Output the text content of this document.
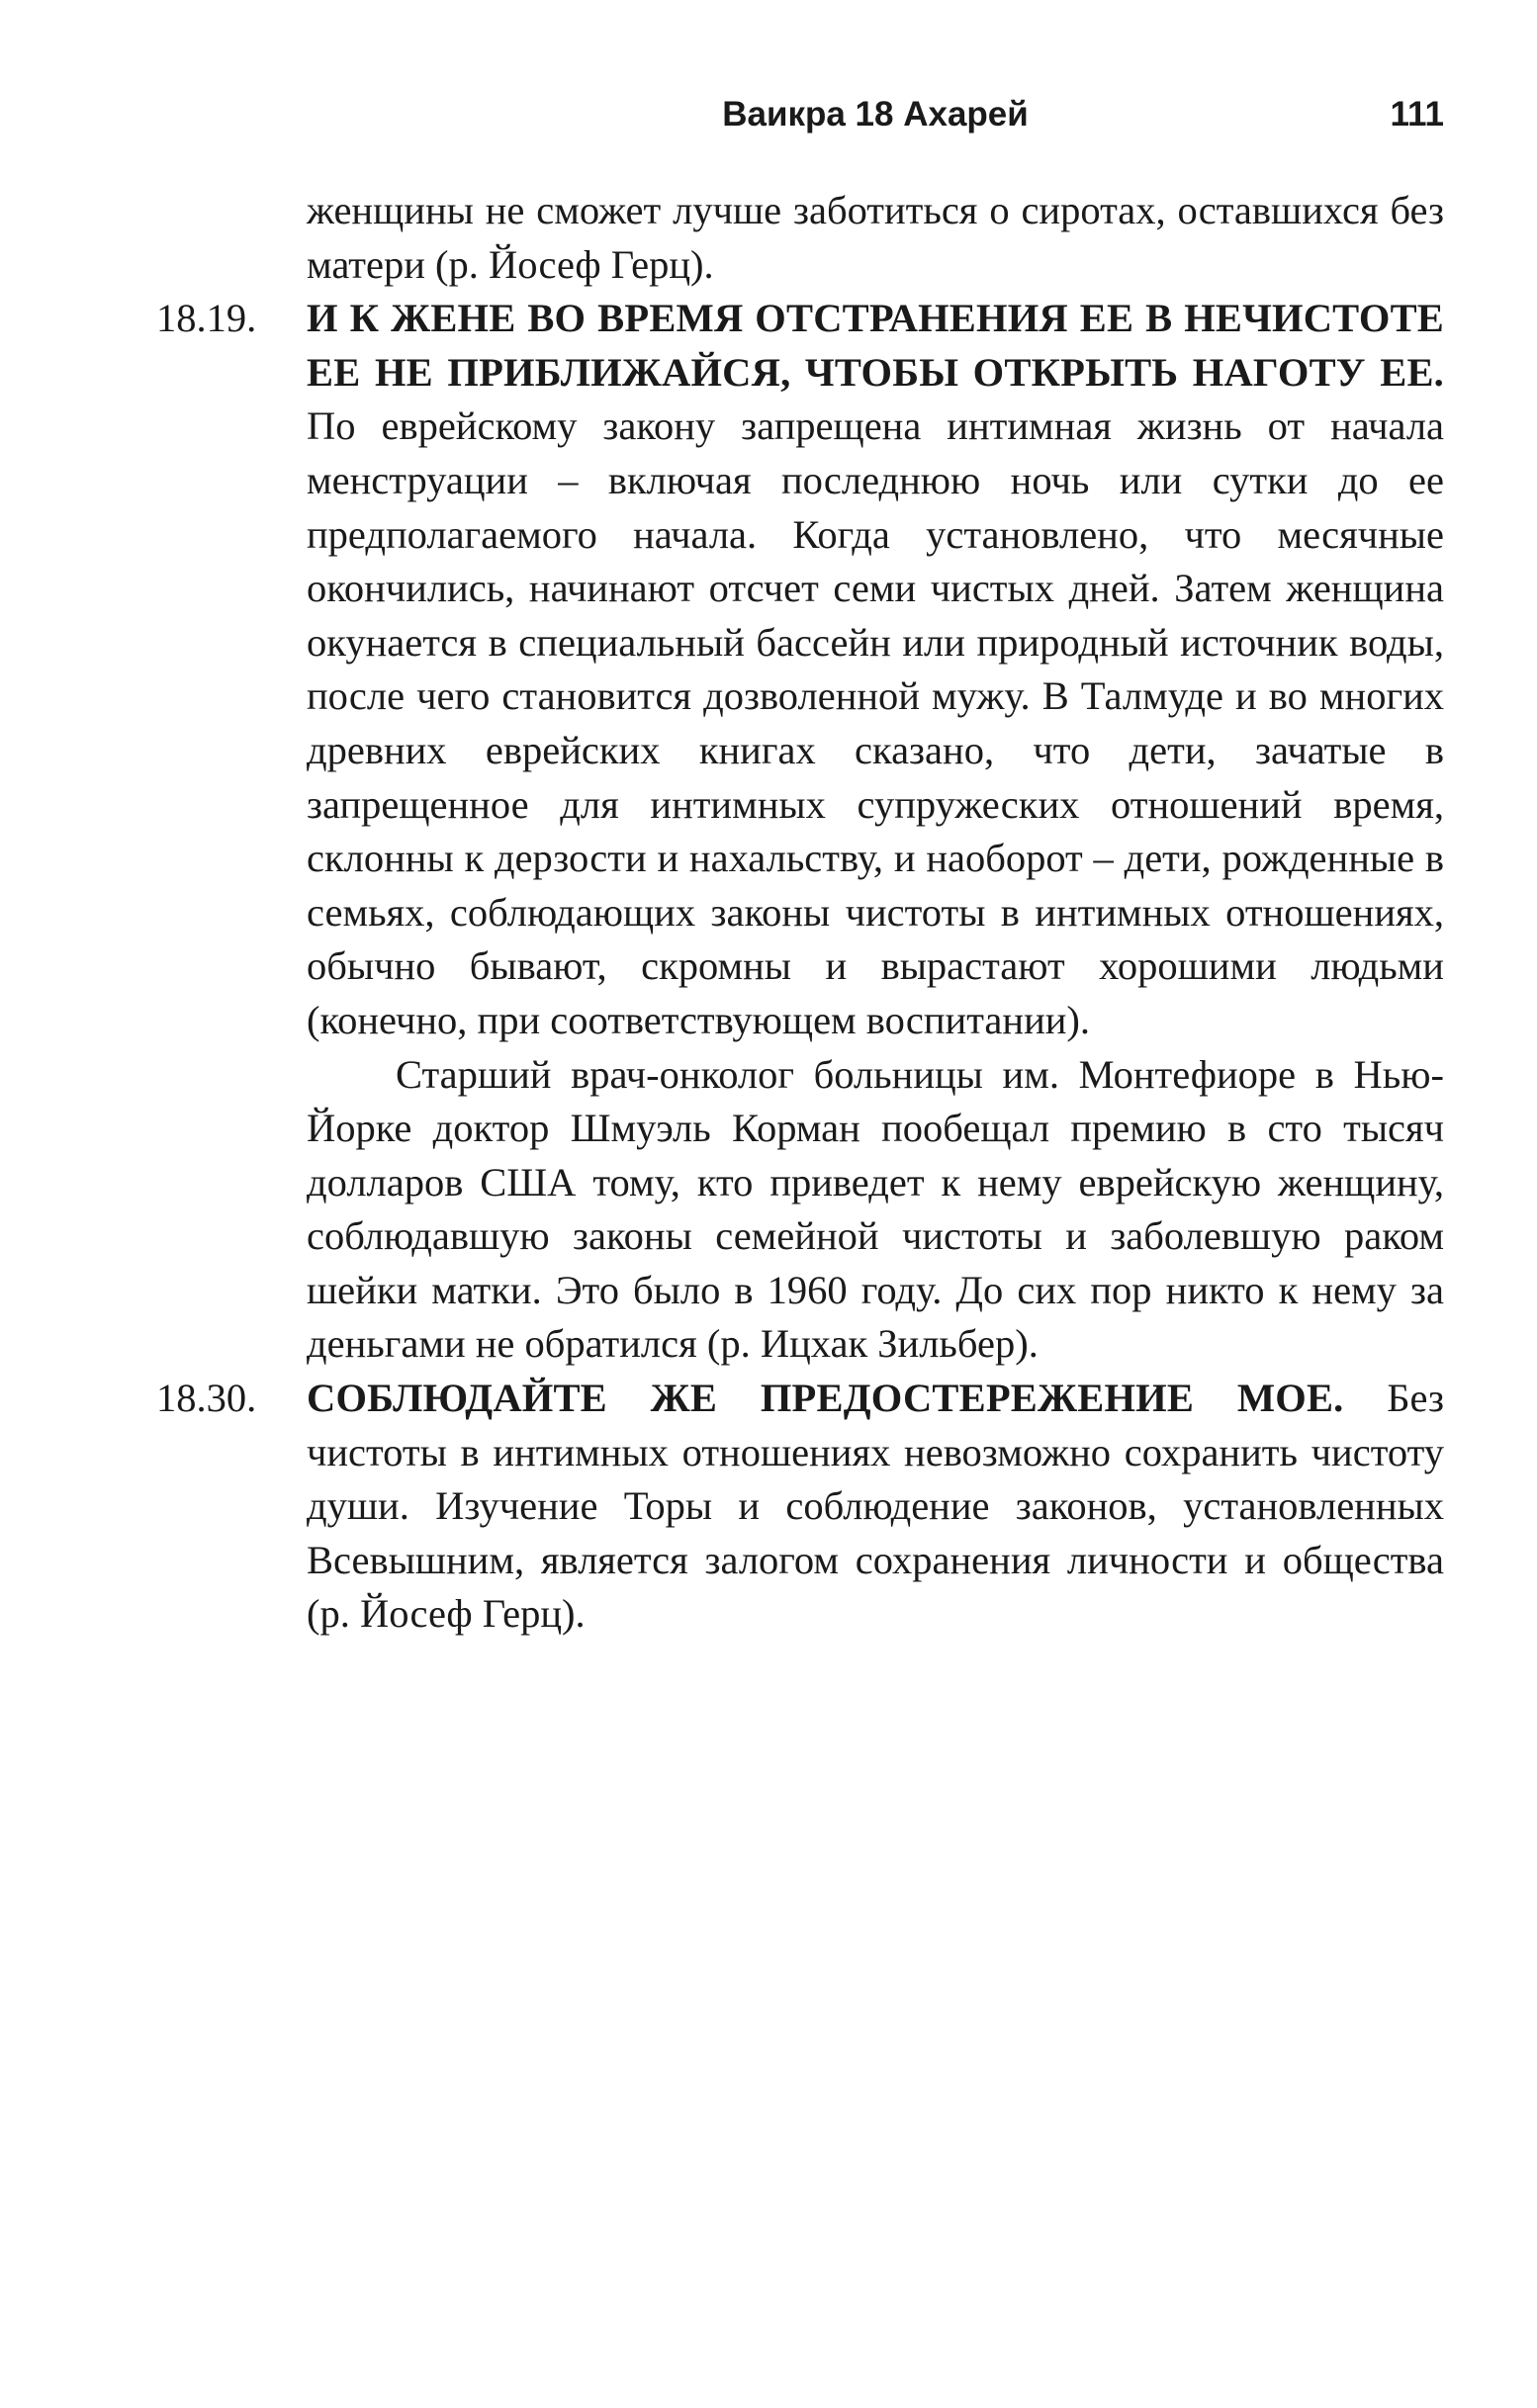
Ваикра 18 Ахарей	111
женщины не сможет лучше заботиться о сиротах, оставшихся без матери (р. Йосеф Герц).
18.19.	И К ЖЕНЕ ВО ВРЕМЯ ОТСТРАНЕНИЯ ЕЕ В НЕЧИСТОТЕ ЕЕ НЕ ПРИБЛИЖАЙСЯ, ЧТОБЫ ОТКРЫТЬ НАГОТУ ЕЕ. По еврейскому закону запрещена интимная жизнь от начала менструации – включая последнюю ночь или сутки до ее предполагаемого начала. Когда установлено, что месячные окончились, начинают отсчет семи чистых дней. Затем женщина окунается в специальный бассейн или природный источник воды, после чего становится дозволенной мужу. В Талмуде и во многих древних еврейских книгах сказано, что дети, зачатые в запрещенное для интимных супружеских отношений время, склонны к дерзости и нахальству, и наоборот – дети, рожденные в семьях, соблюдающих законы чистоты в интимных отношениях, обычно бывают, скромны и вырастают хорошими людьми (конечно, при соответствующем воспитании).
Старший врач-онколог больницы им. Монтефиоре в Нью-Йорке доктор Шмуэль Корман пообещал премию в сто тысяч долларов США тому, кто приведет к нему еврейскую женщину, соблюдавшую законы семейной чистоты и заболевшую раком шейки матки. Это было в 1960 году. До сих пор никто к нему за деньгами не обратился (р. Ицхак Зильбер).
18.30.	СОБЛЮДАЙТЕ ЖЕ ПРЕДОСТЕРЕЖЕНИЕ МОЕ. Без чистоты в интимных отношениях невозможно сохранить чистоту души. Изучение Торы и соблюдение законов, установленных Всевышним, является залогом сохранения личности и общества (р. Йосеф Герц).
